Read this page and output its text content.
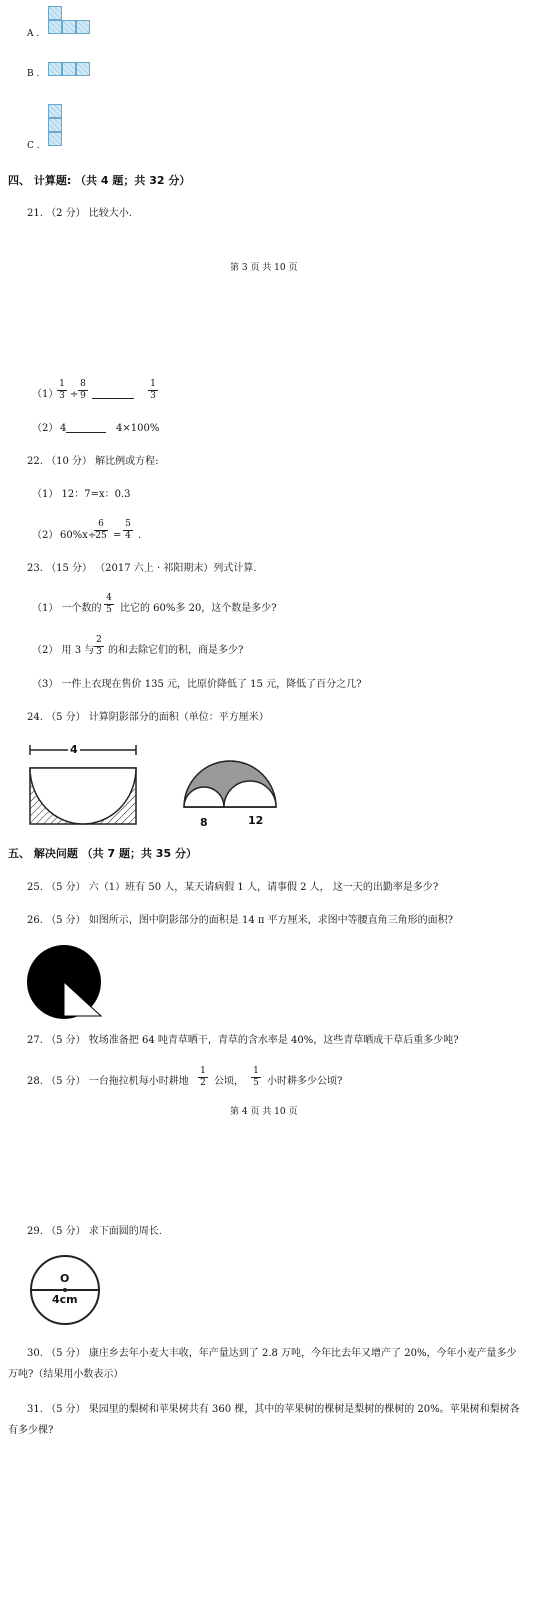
A .
B .
C .
四、 计算题: （共 4 题；共 32 分）
21. （2 分） 比较大小.
第 3 页 共 10 页
（1）
$\frac{1}{3} \div \frac{8}{9}$	$\frac{1}{3}$
（2） 4	4×100%
22. （10 分） 解比例或方程:
（1） 12：7=x：0.3
（2） 60%x÷
$\frac{6}{25} = \frac{5}{4}$ .
23. （15 分） （2017 六上 · 祁阳期末）列式计算.
（1） 一个数的 $\frac{4}{5}$ 比它的 60%多 20，这个数是多少?
（2） 用 3 与 $\frac{2}{3}$ 的和去除它们的积，商是多少?
（3） 一件上衣现在售价 135 元，比原价降低了 15 元，降低了百分之几?
24. （5 分） 计算阴影部分的面积（单位：平方厘米）
4
8	12
五、 解决问题 （共 7 题；共 35 分）
25. （5 分） 六（1）班有 50 人，某天请病假 1 人，请事假 2 人， 这一天的出勤率是多少?
26. （5 分） 如图所示，图中阴影部分的面积是 14 π 平方厘米，求图中等腰直角三角形的面积?
27. （5 分） 牧场准备把 64 吨青草晒干，青草的含水率是 40%，这些青草晒成干草后重多少吨?
28. （5 分） 一台拖拉机每小时耕地 $\frac{1}{2}$ 公顷， $\frac{1}{5}$ 小时耕多少公顷?
第 4 页 共 10 页
29. （5 分） 求下面圆的周长.
O
4cm
30. （5 分） 康庄乡去年小麦大丰收，年产量达到了 2.8 万吨，今年比去年又增产了 20%，今年小麦产量多少
万吨?（结果用小数表示）
31. （5 分） 果园里的梨树和苹果树共有 360 棵，其中的苹果树的棵树是梨树的棵树的 20%。苹果树和梨树各
有多少棵?
